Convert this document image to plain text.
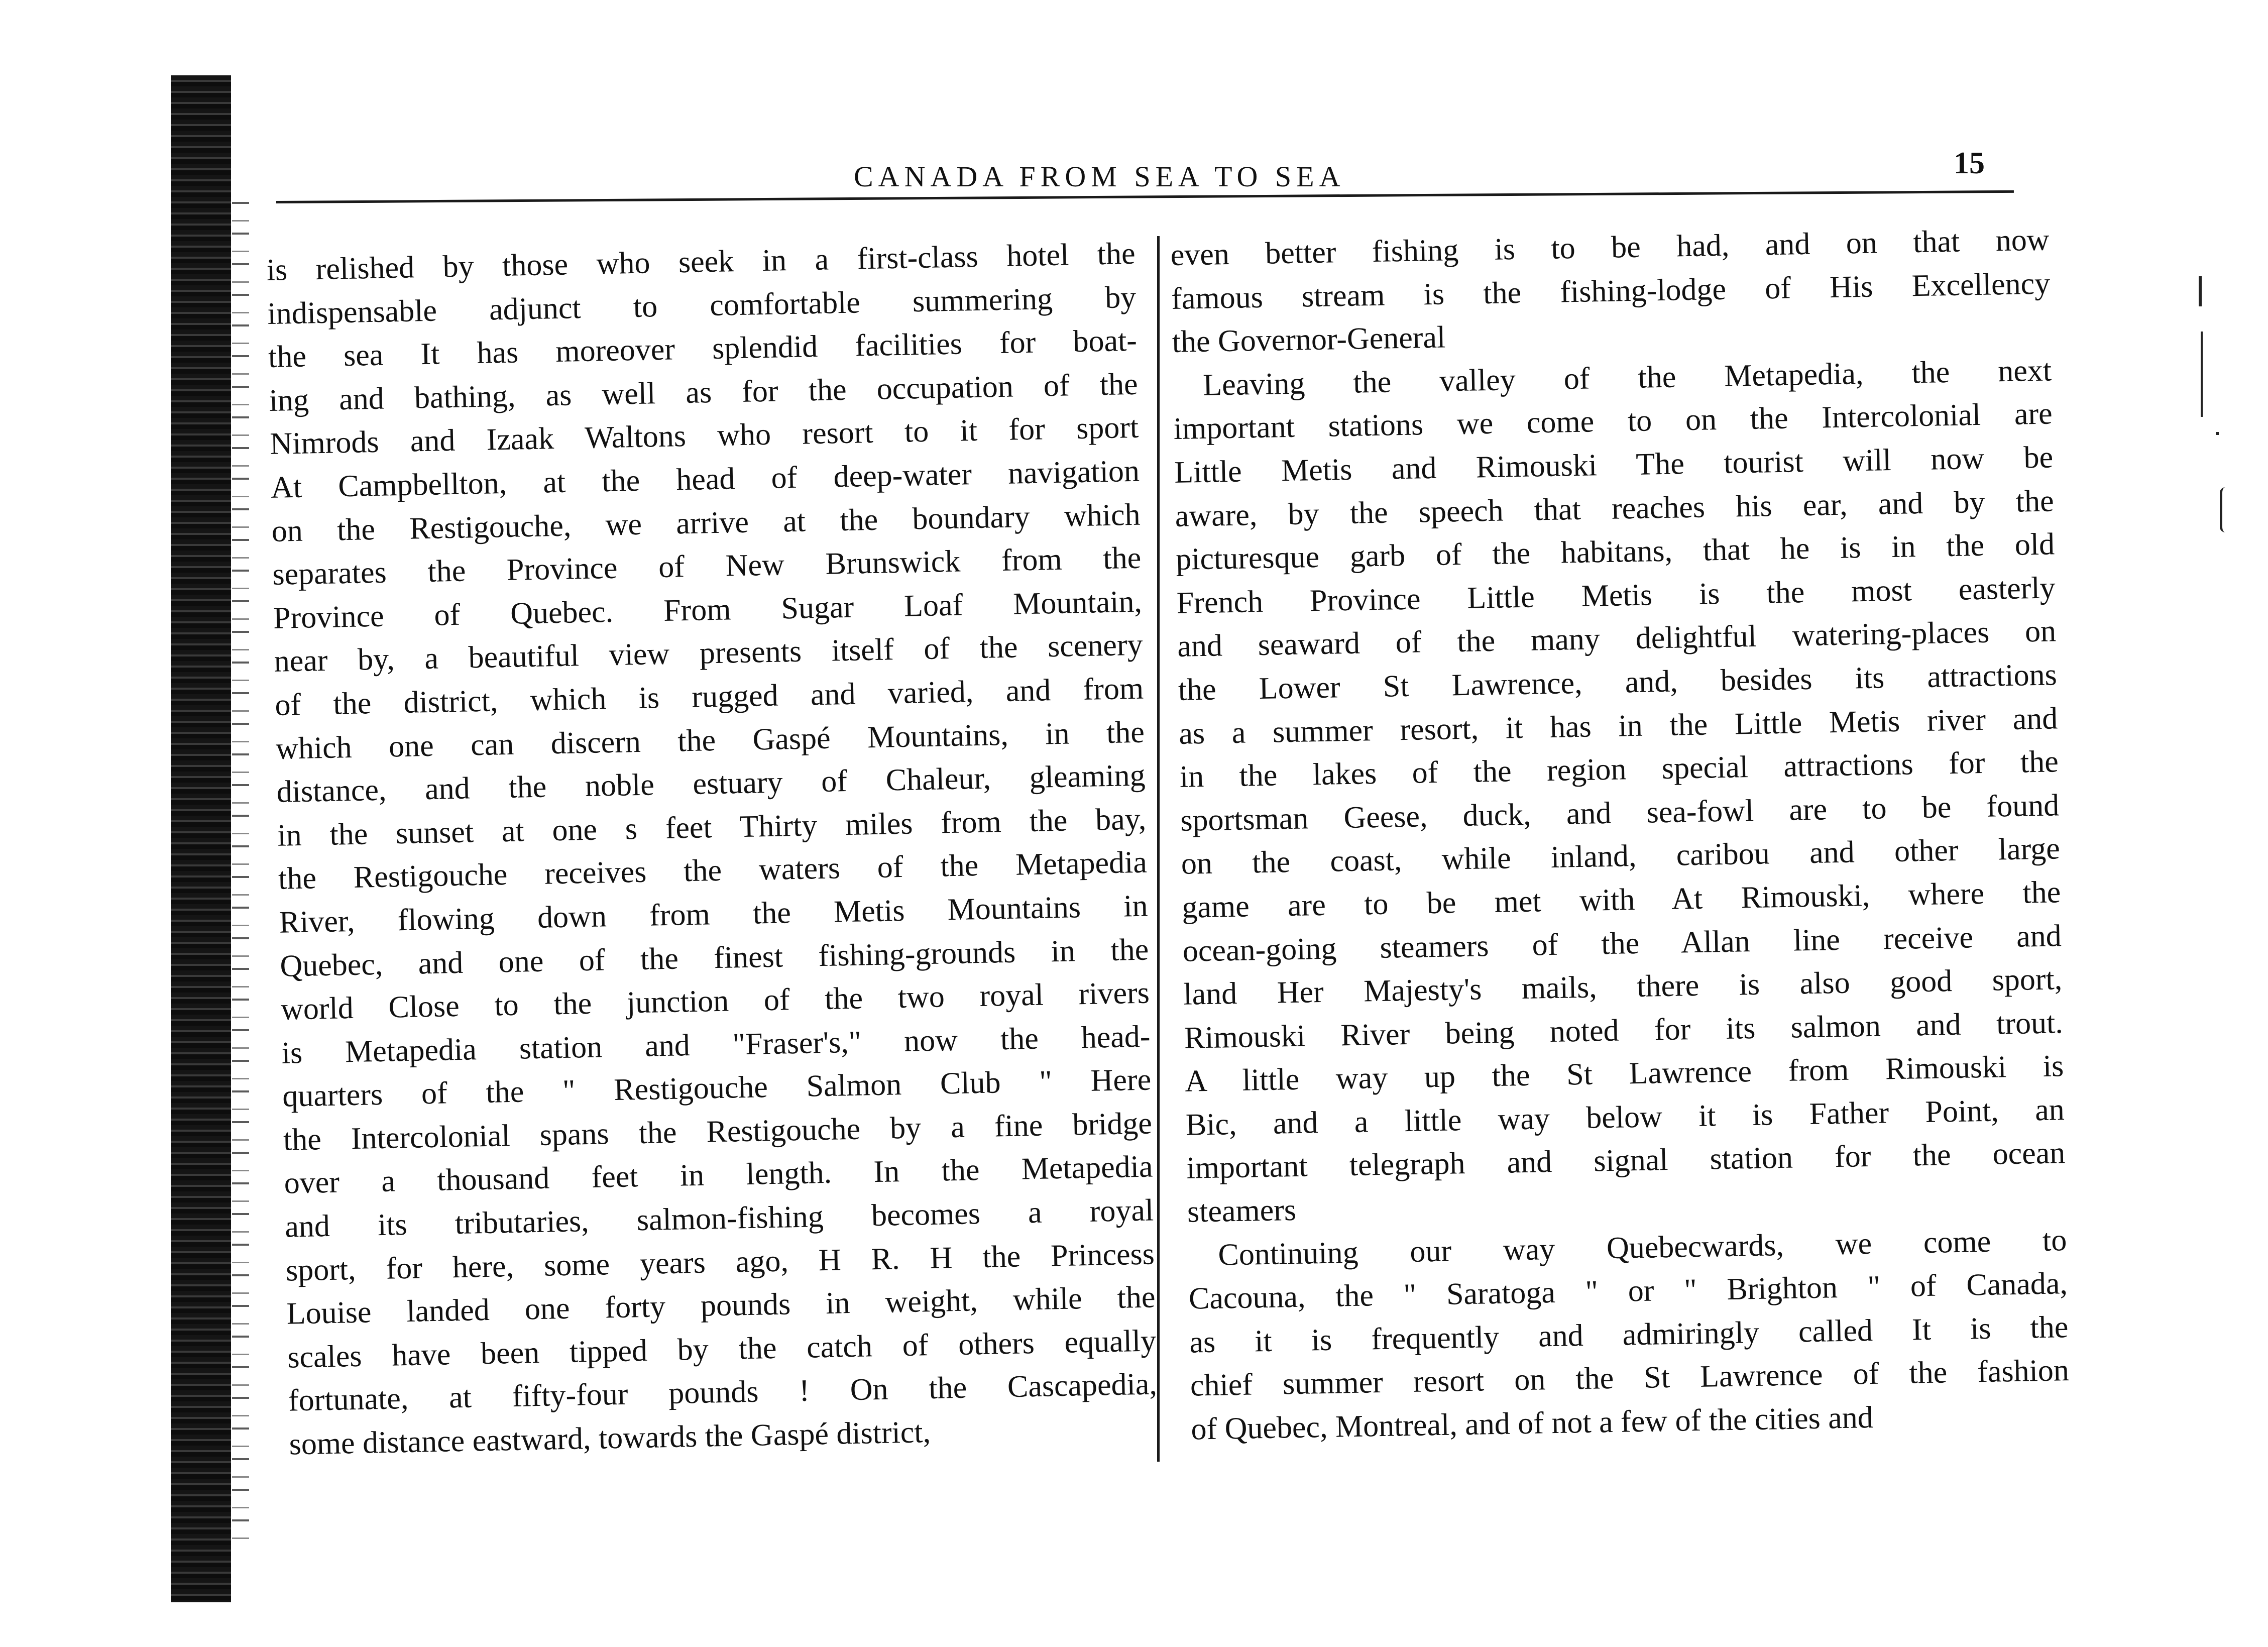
CANADA FROM SEA TO SEA	15
is relished by those who seek in a first-class hotel the
indispensable adjunct to comfortable summering by
the sea It has moreover splendid facilities for boat-
ing and bathing, as well as for the occupation of the
Nimrods and Izaak Waltons who resort to it for sport
At Campbellton, at the head of deep-water navigation
on the Restigouche, we arrive at the boundary which
separates the Province of New Brunswick from the
Province of Quebec. From Sugar Loaf Mountain,
near by, a beautiful view presents itself of the scenery
of the district, which is rugged and varied, and from
which one can discern the Gaspé Mountains, in the
distance, and the noble estuary of Chaleur, gleaming
in the sunset at one s feet Thirty miles from the bay,
the Restigouche receives the waters of the Metapedia
River, flowing down from the Metis Mountains in
Quebec, and one of the finest fishing-grounds in the
world Close to the junction of the two royal rivers
is Metapedia station and "Fraser's," now the head-
quarters of the " Restigouche Salmon Club " Here
the Intercolonial spans the Restigouche by a fine bridge
over a thousand feet in length. In the Metapedia
and its tributaries, salmon-fishing becomes a royal
sport, for here, some years ago, H R. H the Princess
Louise landed one forty pounds in weight, while the
scales have been tipped by the catch of others equally
fortunate, at fifty-four pounds ! On the Cascapedia,
some distance eastward, towards the Gaspé district,
even better fishing is to be had, and on that now
famous stream is the fishing-lodge of His Excellency
the Governor-General
Leaving the valley of the Metapedia, the next
important stations we come to on the Intercolonial are
Little Metis and Rimouski The tourist will now be
aware, by the speech that reaches his ear, and by the
picturesque garb of the habitans, that he is in the old
French Province Little Metis is the most easterly
and seaward of the many delightful watering-places on
the Lower St Lawrence, and, besides its attractions
as a summer resort, it has in the Little Metis river and
in the lakes of the region special attractions for the
sportsman Geese, duck, and sea-fowl are to be found
on the coast, while inland, caribou and other large
game are to be met with At Rimouski, where the
ocean-going steamers of the Allan line receive and
land Her Majesty's mails, there is also good sport,
Rimouski River being noted for its salmon and trout.
A little way up the St Lawrence from Rimouski is
Bic, and a little way below it is Father Point, an
important telegraph and signal station for the ocean
steamers
Continuing our way Quebecwards, we come to
Cacouna, the " Saratoga " or " Brighton " of Canada,
as it is frequently and admiringly called It is the
chief summer resort on the St Lawrence of the fashion
of Quebec, Montreal, and of not a few of the cities and
